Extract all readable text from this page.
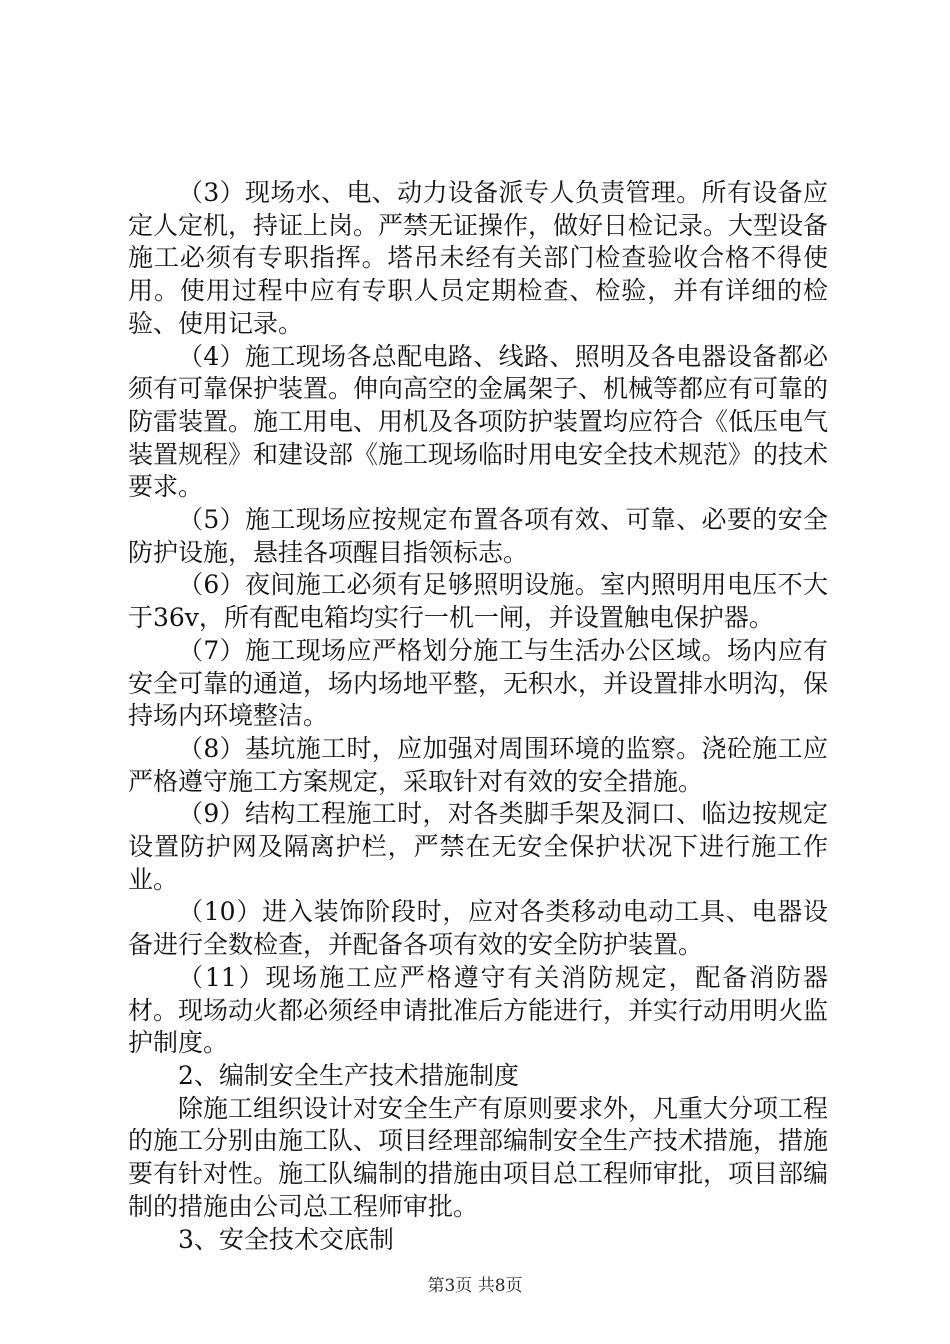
（3）现场水、电、动力设备派专人负责管理。所有设备应定人定机，持证上岗。严禁无证操作，做好日检记录。大型设备施工必须有专职指挥。塔吊未经有关部门检查验收合格不得使用。使用过程中应有专职人员定期检查、检验，并有详细的检验、使用记录。

（4）施工现场各总配电路、线路、照明及各电器设备都必须有可靠保护装置。伸向高空的金属架子、机械等都应有可靠的防雷装置。施工用电、用机及各项防护装置均应符合《低压电气装置规程》和建设部《施工现场临时用电安全技术规范》的技术要求。

（5）施工现场应按规定布置各项有效、可靠、必要的安全防护设施，悬挂各项醒目指领标志。

（6）夜间施工必须有足够照明设施。室内照明用电压不大于36v，所有配电箱均实行一机一闸，并设置触电保护器。

（7）施工现场应严格划分施工与生活办公区域。场内应有安全可靠的通道，场内场地平整，无积水，并设置排水明沟，保持场内环境整洁。

（8）基坑施工时，应加强对周围环境的监察。浇砼施工应严格遵守施工方案规定，采取针对有效的安全措施。

（9）结构工程施工时，对各类脚手架及洞口、临边按规定设置防护网及隔离护栏，严禁在无安全保护状况下进行施工作业。

（10）进入装饰阶段时，应对各类移动电动工具、电器设备进行全数检查，并配备各项有效的安全防护装置。

（11）现场施工应严格遵守有关消防规定，配备消防器材。现场动火都必须经申请批准后方能进行，并实行动用明火监护制度。

2、编制安全生产技术措施制度

除施工组织设计对安全生产有原则要求外，凡重大分项工程的施工分别由施工队、项目经理部编制安全生产技术措施，措施要有针对性。施工队编制的措施由项目总工程师审批，项目部编制的措施由公司总工程师审批。

3、安全技术交底制

第3页 共8页
